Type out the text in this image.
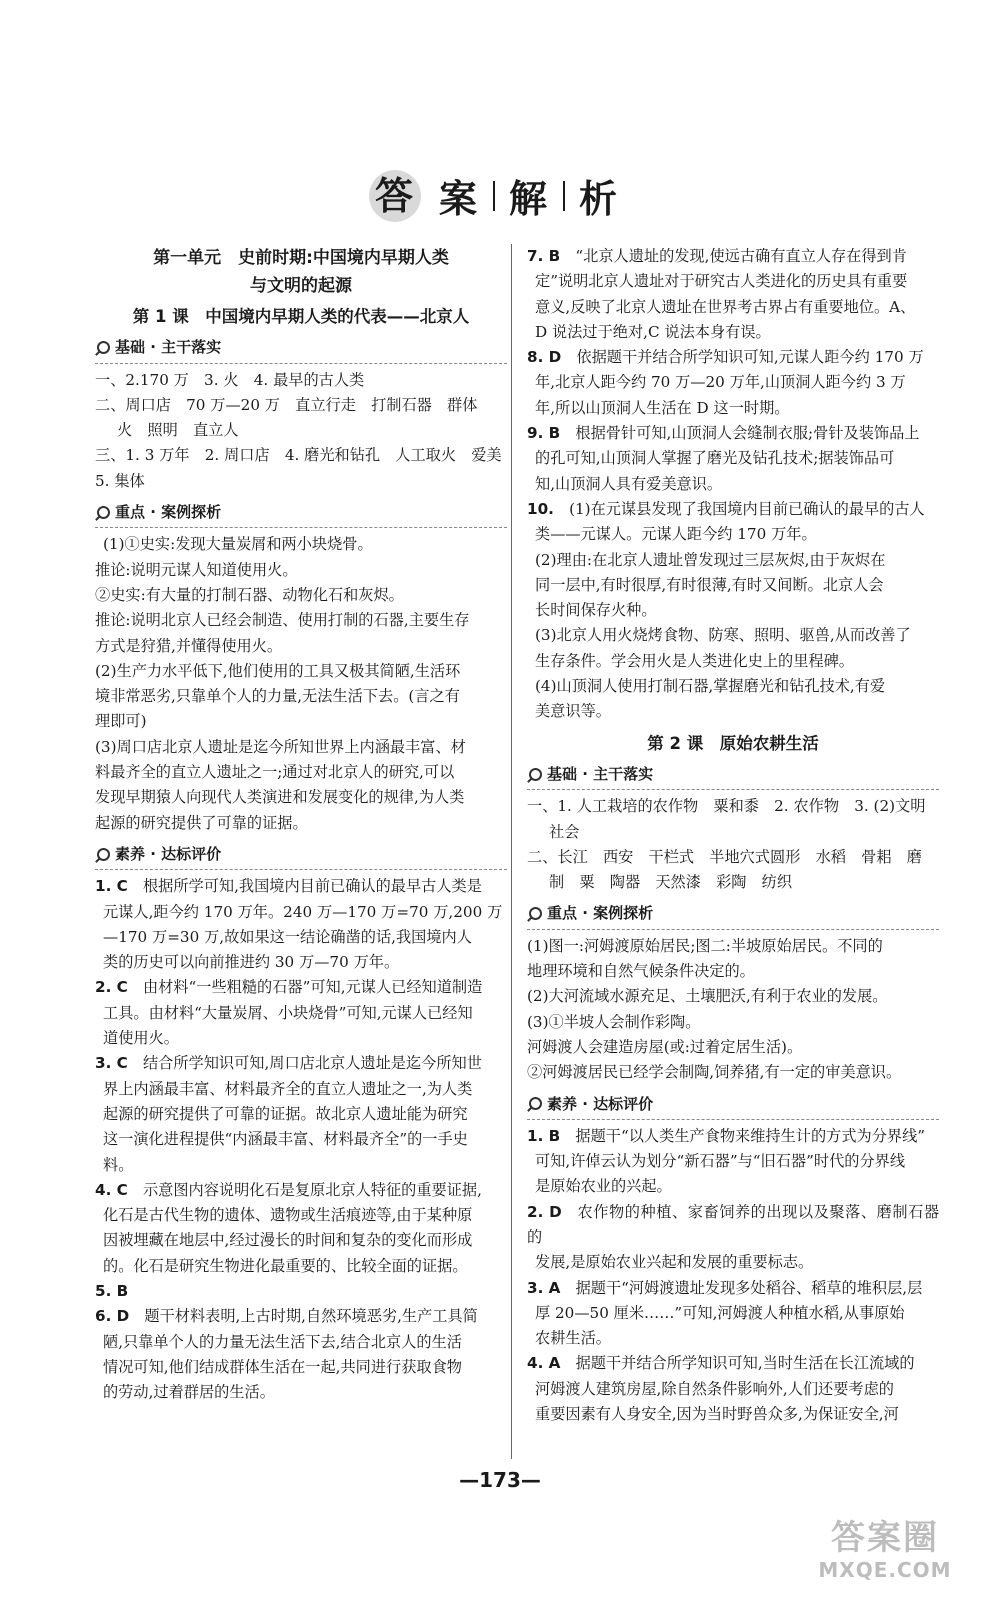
答 案 解 析
第一单元　史前时期:中国境内早期人类
与文明的起源
第 1 课　中国境内早期人类的代表——北京人
基础 · 主干落实
一、2.170 万　3. 火　4. 最早的古人类
二、周口店　70 万—20 万　直立行走　打制石器　群体
火　照明　直立人
三、1. 3 万年　2. 周口店　4. 磨光和钻孔　人工取火　爱美
5. 集体
重点 · 案例探析
(1)①史实:发现大量炭屑和两小块烧骨。
推论:说明元谋人知道使用火。
②史实:有大量的打制石器、动物化石和灰烬。
推论:说明北京人已经会制造、使用打制的石器,主要生存
方式是狩猎,并懂得使用火。
(2)生产力水平低下,他们使用的工具又极其简陋,生活环
境非常恶劣,只靠单个人的力量,无法生活下去。(言之有
理即可)
(3)周口店北京人遗址是迄今所知世界上内涵最丰富、材
料最齐全的直立人遗址之一;通过对北京人的研究,可以
发现早期猿人向现代人类演进和发展变化的规律,为人类
起源的研究提供了可靠的证据。
素养 · 达标评价
1. C  根据所学可知,我国境内目前已确认的最早古人类是
元谋人,距今约 170 万年。240 万—170 万=70 万,200 万
—170 万=30 万,故如果这一结论确凿的话,我国境内人
类的历史可以向前推进约 30 万—70 万年。
2. C  由材料“一些粗糙的石器”可知,元谋人已经知道制造
工具。由材料“大量炭屑、小块烧骨”可知,元谋人已经知
道使用火。
3. C  结合所学知识可知,周口店北京人遗址是迄今所知世
界上内涵最丰富、材料最齐全的直立人遗址之一,为人类
起源的研究提供了可靠的证据。故北京人遗址能为研究
这一演化进程提供“内涵最丰富、材料最齐全”的一手史
料。
4. C  示意图内容说明化石是复原北京人特征的重要证据,
化石是古代生物的遗体、遗物或生活痕迹等,由于某种原
因被埋藏在地层中,经过漫长的时间和复杂的变化而形成
的。化石是研究生物进化最重要的、比较全面的证据。
5. B 
6. D  题干材料表明,上古时期,自然环境恶劣,生产工具简
陋,只靠单个人的力量无法生活下去,结合北京人的生活
情况可知,他们结成群体生活在一起,共同进行获取食物
的劳动,过着群居的生活。
7. B  “北京人遗址的发现,使远古确有直立人存在得到肯
定”说明北京人遗址对于研究古人类进化的历史具有重要
意义,反映了北京人遗址在世界考古界占有重要地位。A、
D 说法过于绝对,C 说法本身有误。
8. D  依据题干并结合所学知识可知,元谋人距今约 170 万
年,北京人距今约 70 万—20 万年,山顶洞人距今约 3 万
年,所以山顶洞人生活在 D 这一时期。
9. B  根据骨针可知,山顶洞人会缝制衣服;骨针及装饰品上
的孔可知,山顶洞人掌握了磨光及钻孔技术;据装饰品可
知,山顶洞人具有爱美意识。
10.  (1)在元谋县发现了我国境内目前已确认的最早的古人
类——元谋人。元谋人距今约 170 万年。
(2)理由:在北京人遗址曾发现过三层灰烬,由于灰烬在
同一层中,有时很厚,有时很薄,有时又间断。北京人会
长时间保存火种。
(3)北京人用火烧烤食物、防寒、照明、驱兽,从而改善了
生存条件。学会用火是人类进化史上的里程碑。
(4)山顶洞人使用打制石器,掌握磨光和钻孔技术,有爱
美意识等。
第 2 课　原始农耕生活
基础 · 主干落实
一、1. 人工栽培的农作物　粟和黍　2. 农作物　3. (2)文明
社会
二、长江　西安　干栏式　半地穴式圆形　水稻　骨耜　磨
制　粟　陶器　天然漆　彩陶　纺织
重点 · 案例探析
(1)图一:河姆渡原始居民;图二:半坡原始居民。不同的
地理环境和自然气候条件决定的。
(2)大河流域水源充足、土壤肥沃,有利于农业的发展。
(3)①半坡人会制作彩陶。
河姆渡人会建造房屋(或:过着定居生活)。
②河姆渡居民已经学会制陶,饲养猪,有一定的审美意识。
素养 · 达标评价
1. B  据题干“以人类生产食物来维持生计的方式为分界线”
可知,许倬云认为划分“新石器”与“旧石器”时代的分界线
是原始农业的兴起。
2. D  农作物的种植、家畜饲养的出现以及聚落、磨制石器的
发展,是原始农业兴起和发展的重要标志。
3. A  据题干“河姆渡遗址发现多处稻谷、稻草的堆积层,层
厚 20—50 厘米……”可知,河姆渡人种植水稻,从事原始
农耕生活。
4. A  据题干并结合所学知识可知,当时生活在长江流域的
河姆渡人建筑房屋,除自然条件影响外,人们还要考虑的
重要因素有人身安全,因为当时野兽众多,为保证安全,河
—173—
答案圈
MXQE.COM
